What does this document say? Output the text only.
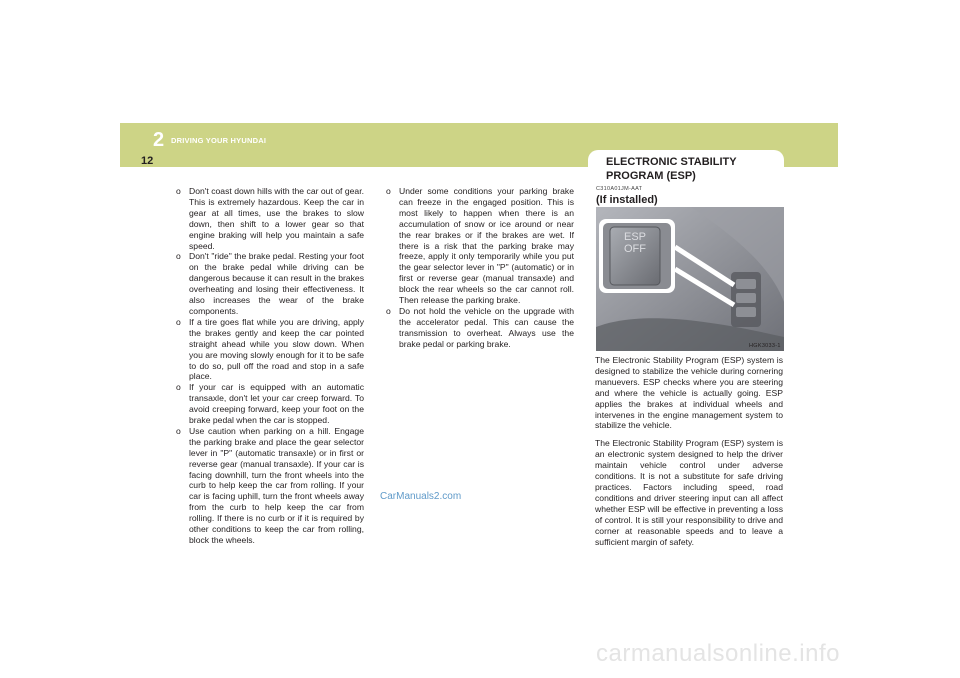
2 DRIVING YOUR HYUNDAI
12	ELECTRONIC STABILITY
PROGRAM (ESP)
o Don't coast down hills with the car out of gear. This is extremely hazardous. Keep the car in gear at all times, use the brakes to slow down, then shift to a lower gear so that engine braking will help you maintain a safe speed.
o Don't "ride" the brake pedal. Resting your foot on the brake pedal while driving can be dangerous because it can result in the brakes overheating and losing their effectiveness. It also increases the wear of the brake components.
o If a tire goes flat while you are driving, apply the brakes gently and keep the car pointed straight ahead while you slow down. When you are moving slowly enough for it to be safe to do so, pull off the road and stop in a safe place.
o If your car is equipped with an automatic transaxle, don't let your car creep forward. To avoid creeping forward, keep your foot on the brake pedal when the car is stopped.
o Use caution when parking on a hill. Engage the parking brake and place the gear selector lever in "P" (automatic transaxle) or in first or reverse gear (manual transaxle). If your car is facing downhill, turn the front wheels into the curb to help keep the car from rolling. If your car is facing uphill, turn the front wheels away from the curb to help keep the car from rolling. If there is no curb or if it is required by other conditions to keep the car from rolling, block the wheels.
o Under some conditions your parking brake can freeze in the engaged position. This is most likely to happen when there is an accumulation of snow or ice around or near the rear brakes or if the brakes are wet. If there is a risk that the parking brake may freeze, apply it only temporarily while you put the gear selector lever in "P" (automatic) or in first or reverse gear (manual transaxle) and block the rear wheels so the car cannot roll. Then release the parking brake.
o Do not hold the vehicle on the upgrade with the accelerator pedal. This can cause the transmission to overheat. Always use the brake pedal or parking brake.
C310A01JM-AAT
(If installed)
ESP
OFF
HGK3033-1

The Electronic Stability Program (ESP) system is designed to stabilize the vehicle during cornering manuevers. ESP checks where you are steering and where the vehicle is actually going. ESP applies the brakes at individual wheels and intervenes in the engine management system to stabilize the vehicle.

The Electronic Stability Program (ESP) system is an electronic system designed to help the driver maintain vehicle control under adverse conditions. It is not a substitute for safe driving practices. Factors including speed, road conditions and driver steering input can all affect whether ESP will be effective in preventing a loss of control. It is still your responsibility to drive and corner at reasonable speeds and to leave a sufficient margin of safety.

CarManuals2.com
carmanualsonline.info
